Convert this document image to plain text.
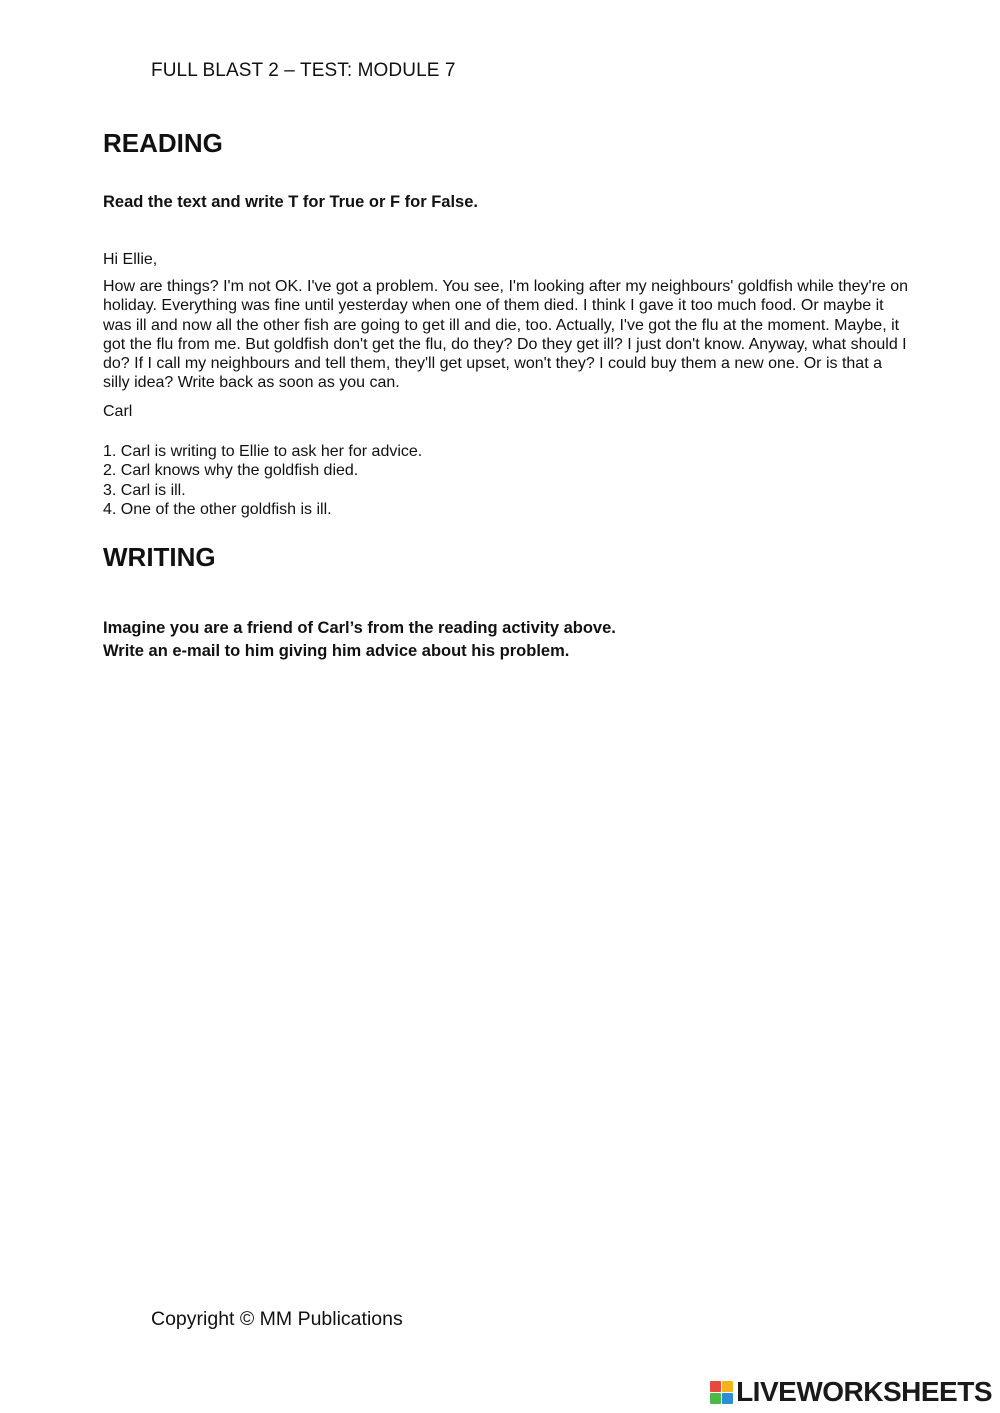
FULL BLAST 2 – TEST: MODULE 7
READING

Read the text and write T for True or F for False.

Hi Ellie,

How are things? I'm not OK. I've got a problem. You see, I'm looking after my neighbours' goldfish while they're on holiday. Everything was fine until yesterday when one of them died. I think I gave it too much food. Or maybe it was ill and now all the other fish are going to get ill and die, too. Actually, I've got the flu at the moment. Maybe, it got the flu from me. But goldfish don't get the flu, do they? Do they get ill? I just don't know. Anyway, what should I do? If I call my neighbours and tell them, they'll get upset, won't they? I could buy them a new one. Or is that a silly idea? Write back as soon as you can.

Carl

1. Carl is writing to Ellie to ask her for advice.
2. Carl knows why the goldfish died.
3. Carl is ill.
4. One of the other goldfish is ill.
WRITING
Imagine you are a friend of Carl’s from the reading activity above.
Write an e-mail to him giving him advice about his problem.
Copyright © MM Publications
LIVEWORKSHEETS
